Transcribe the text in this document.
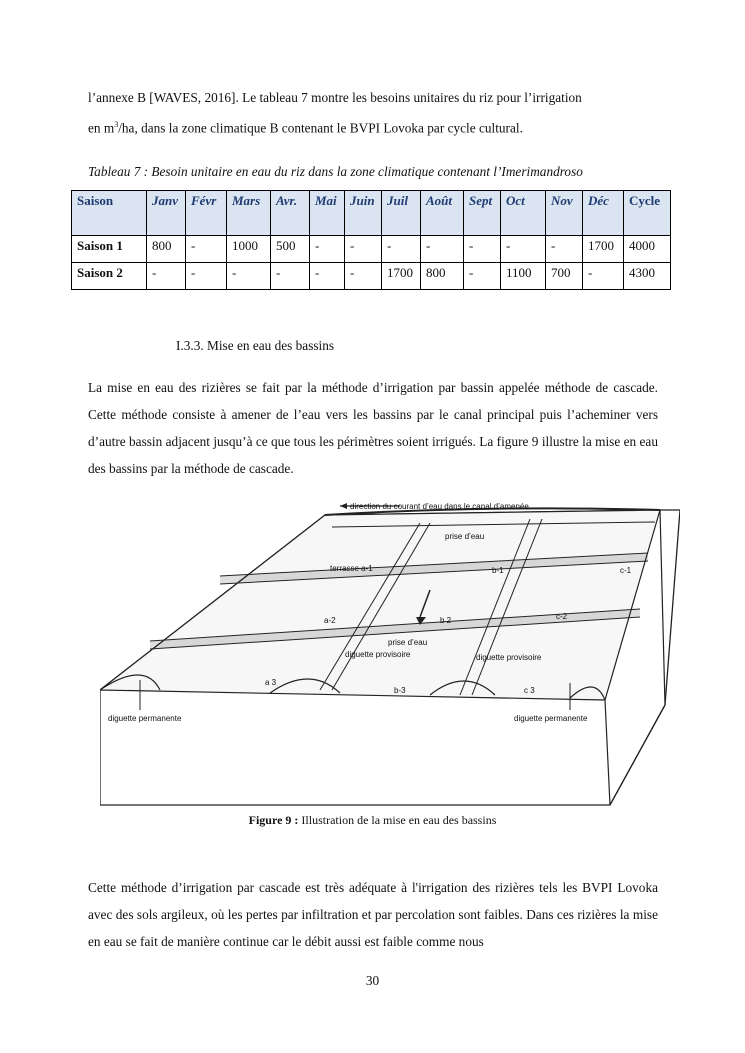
l’annexe B [WAVES, 2016]. Le tableau 7 montre les besoins unitaires du riz pour l’irrigation
en $m^3/ha$, dans la zone climatique B contenant le BVPI Lovoka par cycle cultural.

Tableau 7 : Besoin unitaire en eau du riz dans la zone climatique contenant l’Imerimandroso

Saison	Janv	Févr	Mars	Avr.	Mai	Juin	Juil	Août	Sept	Oct	Nov	Déc	Cycle
Saison 1	800	-	1000	500	-	-	-	-	-	-	-	1700	4000
Saison 2	-	-	-	-	-	-	1700	800	-	1100	700	-	4300

I.3.3. Mise en eau des bassins

La mise en eau des rizières se fait par la méthode d’irrigation par bassin appelée méthode de cascade. Cette méthode consiste à amener de l’eau vers les bassins par le canal principal puis l’acheminer vers d’autre bassin adjacent jusqu’à ce que tous les périmètres soient irrigués. La figure 9 illustre la mise en eau des bassins par la méthode de cascade.

direction du courant d’eau dans le canal d’amenée
prise d’eau
terrasse a-1	b-1	c-1
a-2	b 2	c-2
prise d’eau
diguette provisoire	diguette provisoire
a 3
b-3	c 3
diguette permanente	diguette permanente
Figure 9 : Illustration de la mise en eau des bassins

Cette méthode d’irrigation par cascade est très adéquate à l'irrigation des rizières tels les BVPI Lovoka avec des sols argileux, où les pertes par infiltration et par percolation sont faibles. Dans ces rizières la mise en eau se fait de manière continue car le débit aussi est faible comme nous

30
